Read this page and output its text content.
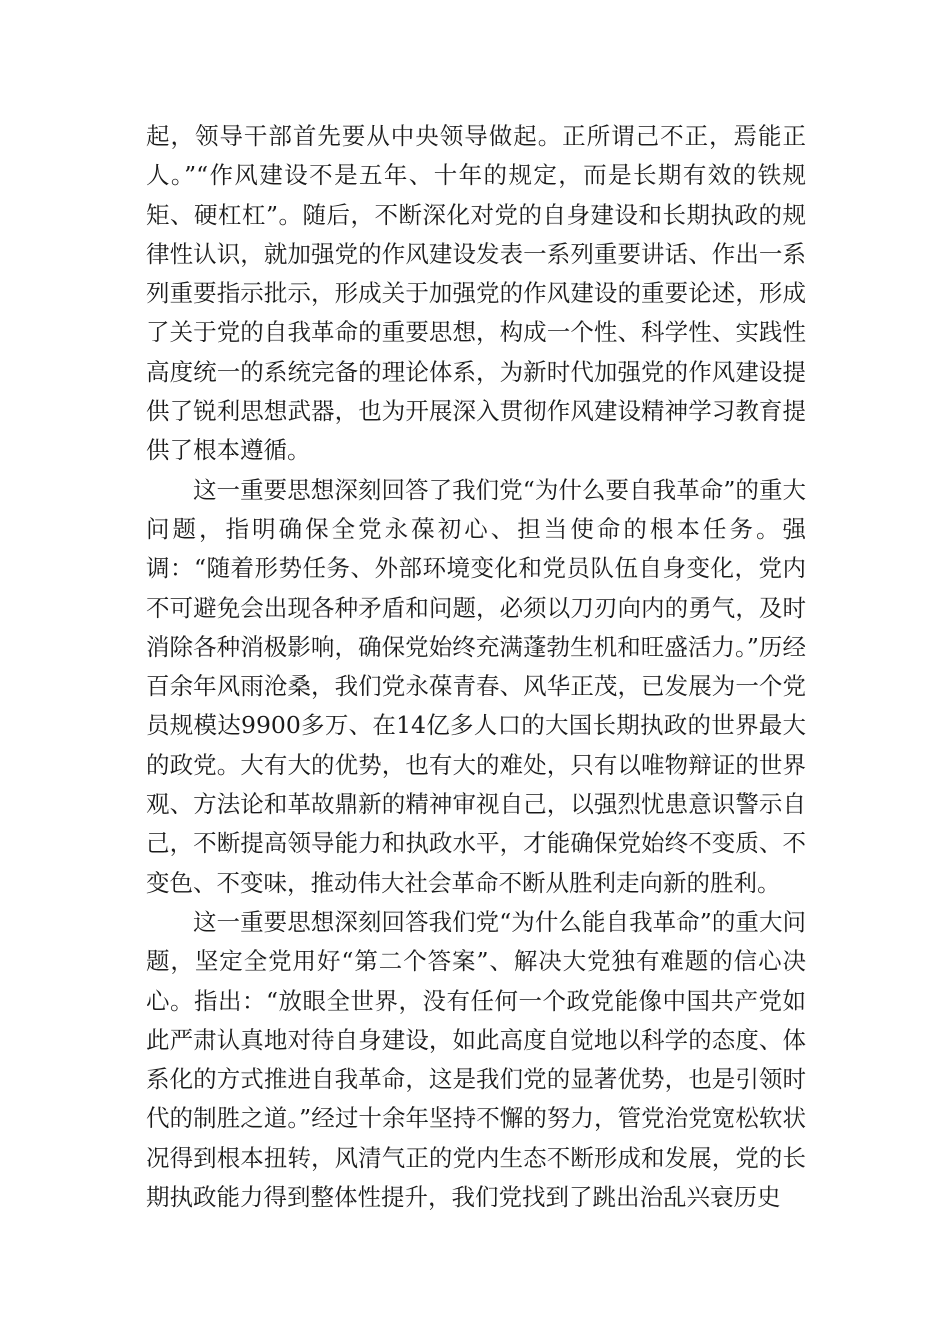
起，领导干部首先要从中央领导做起。正所谓己不正，焉能正人。”“作风建设不是五年、十年的规定，而是长期有效的铁规矩、硬杠杠”。随后，不断深化对党的自身建设和长期执政的规律性认识，就加强党的作风建设发表一系列重要讲话、作出一系列重要指示批示，形成关于加强党的作风建设的重要论述，形成了关于党的自我革命的重要思想，构成一个性、科学性、实践性高度统一的系统完备的理论体系，为新时代加强党的作风建设提供了锐利思想武器，也为开展深入贯彻作风建设精神学习教育提供了根本遵循。

这一重要思想深刻回答了我们党“为什么要自我革命”的重大问题，指明确保全党永葆初心、担当使命的根本任务。强调：“随着形势任务、外部环境变化和党员队伍自身变化，党内不可避免会出现各种矛盾和问题，必须以刀刃向内的勇气，及时消除各种消极影响，确保党始终充满蓬勃生机和旺盛活力。”历经百余年风雨沧桑，我们党永葆青春、风华正茂，已发展为一个党员规模达9900多万、在14亿多人口的大国长期执政的世界最大的政党。大有大的优势，也有大的难处，只有以唯物辩证的世界观、方法论和革故鼎新的精神审视自己，以强烈忧患意识警示自己，不断提高领导能力和执政水平，才能确保党始终不变质、不变色、不变味，推动伟大社会革命不断从胜利走向新的胜利。

这一重要思想深刻回答我们党“为什么能自我革命”的重大问题，坚定全党用好“第二个答案”、解决大党独有难题的信心决心。指出：“放眼全世界，没有任何一个政党能像中国共产党如此严肃认真地对待自身建设，如此高度自觉地以科学的态度、体系化的方式推进自我革命，这是我们党的显著优势，也是引领时代的制胜之道。”经过十余年坚持不懈的努力，管党治党宽松软状况得到根本扭转，风清气正的党内生态不断形成和发展，党的长期执政能力得到整体性提升，我们党找到了跳出治乱兴衰历史
